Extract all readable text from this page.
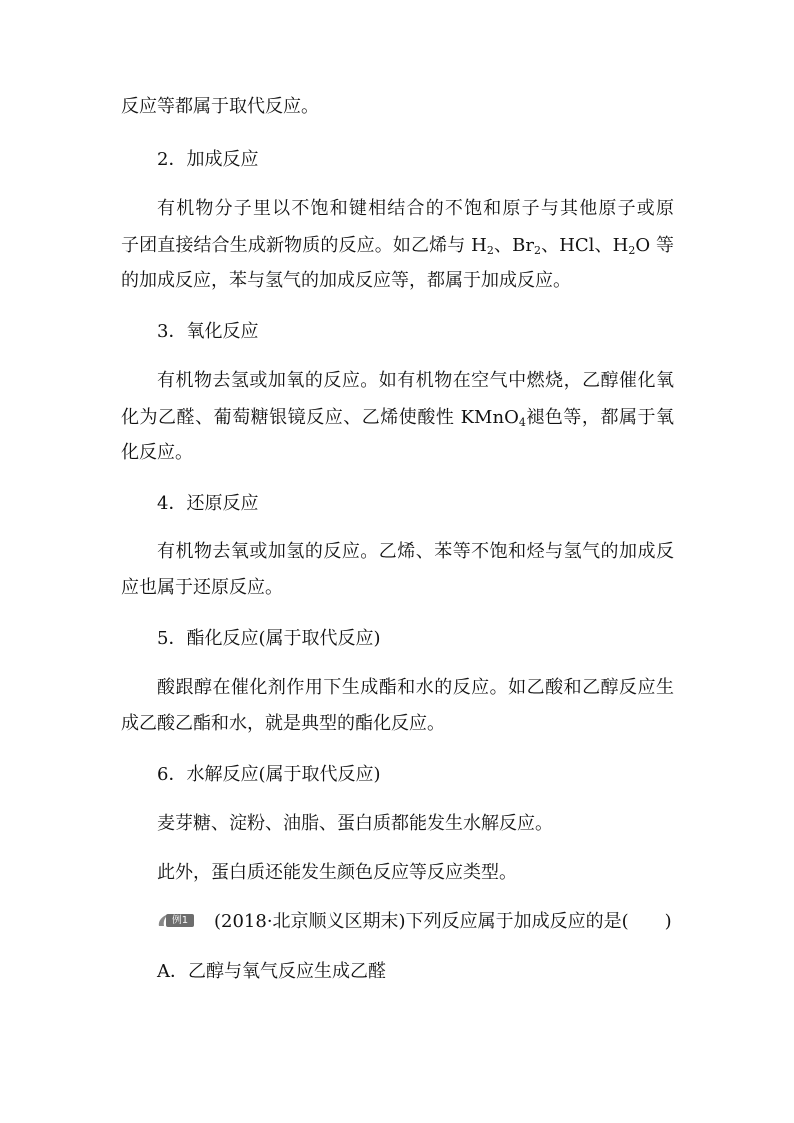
反应等都属于取代反应。
2．加成反应
有机物分子里以不饱和键相结合的不饱和原子与其他原子或原
子团直接结合生成新物质的反应。如乙烯与 $H_2$、$Br_2$、HCl、$H_2O$ 等
的加成反应，苯与氢气的加成反应等，都属于加成反应。
3．氧化反应
有机物去氢或加氧的反应。如有机物在空气中燃烧，乙醇催化氧
化为乙醛、葡萄糖银镜反应、乙烯使酸性 KMnO$_4$褪色等，都属于氧
化反应。
4．还原反应
有机物去氧或加氢的反应。乙烯、苯等不饱和烃与氢气的加成反
应也属于还原反应。
5．酯化反应(属于取代反应)
酸跟醇在催化剂作用下生成酯和水的反应。如乙酸和乙醇反应生
成乙酸乙酯和水，就是典型的酯化反应。
6．水解反应(属于取代反应)
麦芽糖、淀粉、油脂、蛋白质都能发生水解反应。
此外，蛋白质还能发生颜色反应等反应类型。
例1	(2018·北京顺义区期末)下列反应属于加成反应的是(　　)
A．乙醇与氧气反应生成乙醛
